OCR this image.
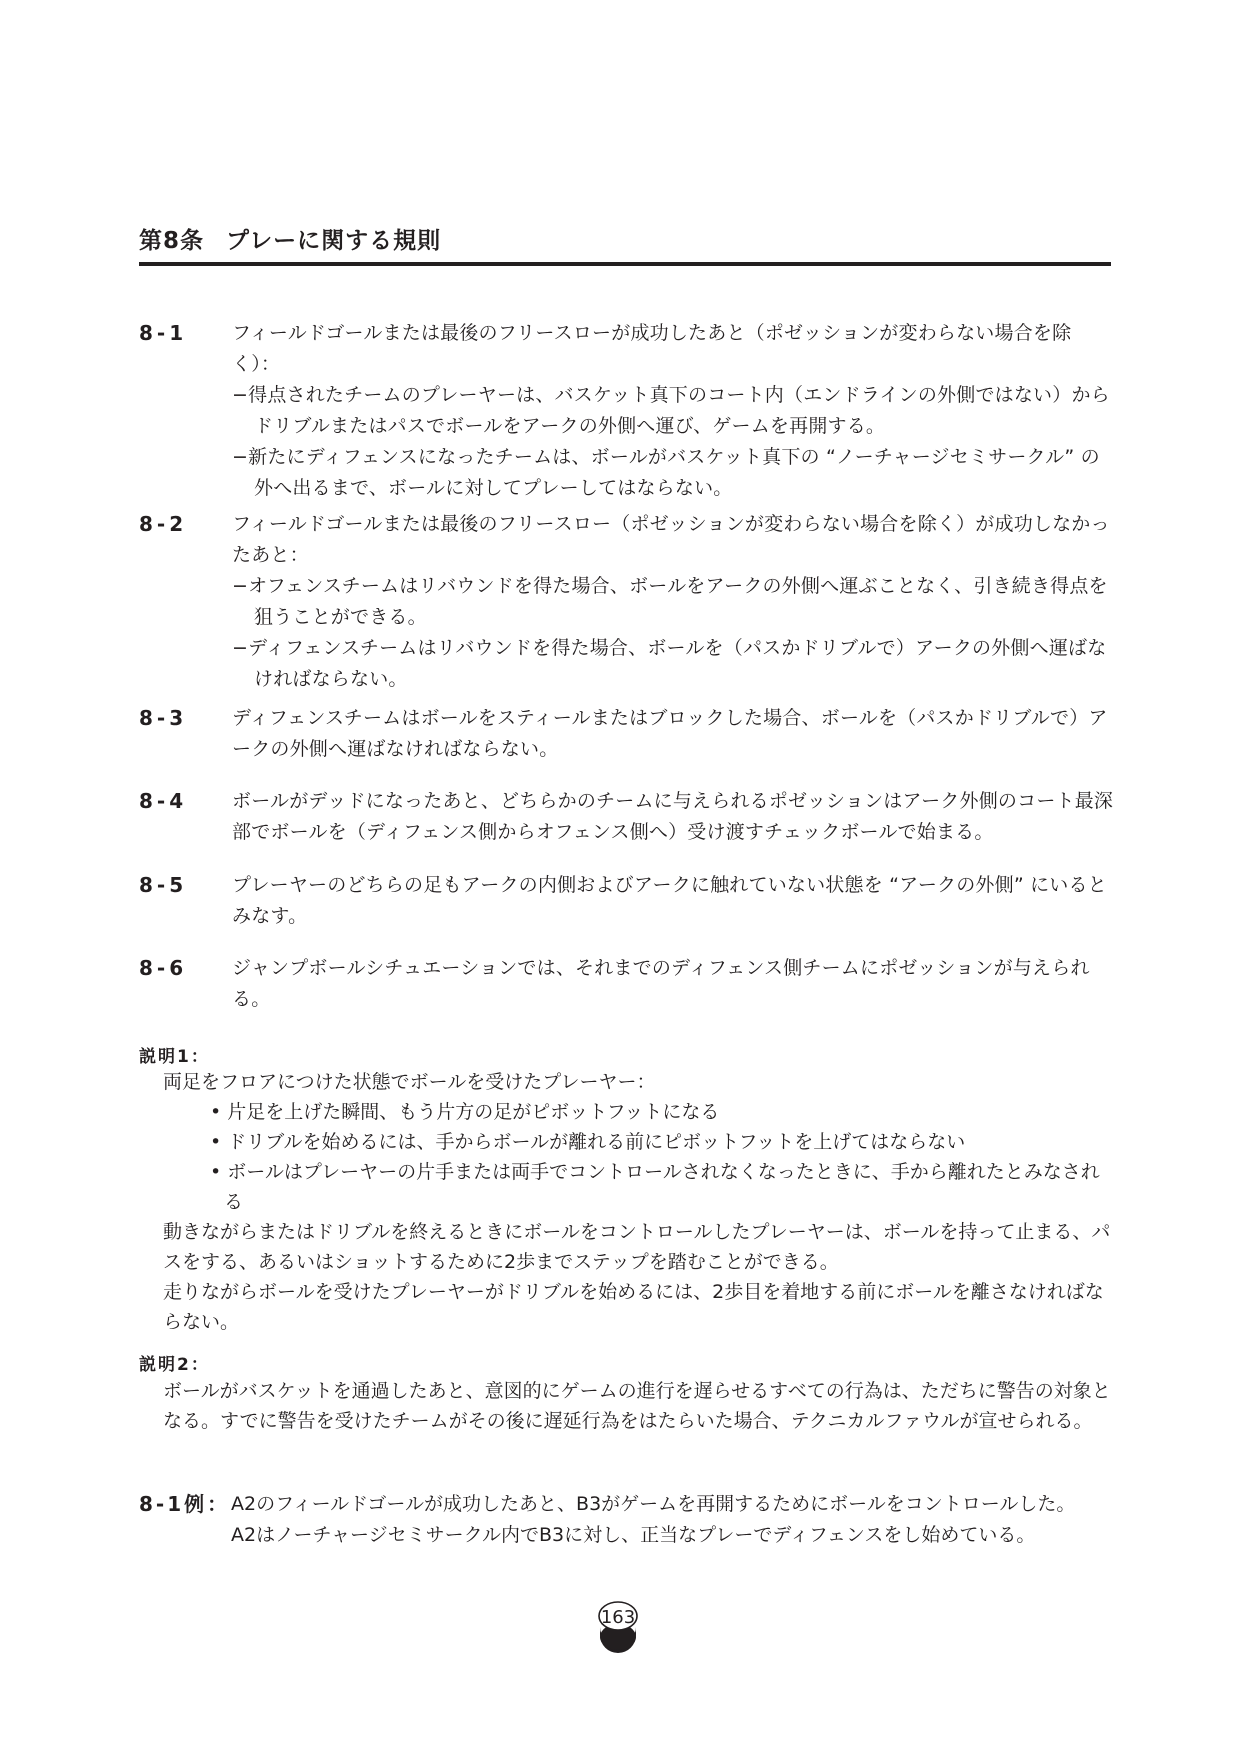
第8条 プレーに関する規則
8-1 フィールドゴールまたは最後のフリースローが成功したあと（ポゼッションが変わらない場合を除く）：
−得点されたチームのプレーヤーは、バスケット真下のコート内（エンドラインの外側ではない）からドリブルまたはパスでボールをアークの外側へ運び、ゲームを再開する。
−新たにディフェンスになったチームは、ボールがバスケット真下の “ノーチャージセミサークル” の外へ出るまで、ボールに対してプレーしてはならない。
8-2 フィールドゴールまたは最後のフリースロー（ポゼッションが変わらない場合を除く）が成功しなかったあと：
−オフェンスチームはリバウンドを得た場合、ボールをアークの外側へ運ぶことなく、引き続き得点を狙うことができる。
−ディフェンスチームはリバウンドを得た場合、ボールを（パスかドリブルで）アークの外側へ運ばなければならない。
8-3 ディフェンスチームはボールをスティールまたはブロックした場合、ボールを（パスかドリブルで）アークの外側へ運ばなければならない。
8-4 ボールがデッドになったあと、どちらかのチームに与えられるポゼッションはアーク外側のコート最深部でボールを（ディフェンス側からオフェンス側へ）受け渡すチェックボールで始まる。
8-5 プレーヤーのどちらの足もアークの内側およびアークに触れていない状態を “アークの外側” にいるとみなす。
8-6 ジャンプボールシチュエーションでは、それまでのディフェンス側チームにポゼッションが与えられる。
説明1：
両足をフロアにつけた状態でボールを受けたプレーヤー：
• 片足を上げた瞬間、もう片方の足がピボットフットになる
• ドリブルを始めるには、手からボールが離れる前にピボットフットを上げてはならない
• ボールはプレーヤーの片手または両手でコントロールされなくなったときに、手から離れたとみなされる
動きながらまたはドリブルを終えるときにボールをコントロールしたプレーヤーは、ボールを持って止まる、パスをする、あるいはショットするために2歩までステップを踏むことができる。
走りながらボールを受けたプレーヤーがドリブルを始めるには、2歩目を着地する前にボールを離さなければならない。
説明2：
ボールがバスケットを通過したあと、意図的にゲームの進行を遅らせるすべての行為は、ただちに警告の対象となる。すでに警告を受けたチームがその後に遅延行為をはたらいた場合、テクニカルファウルが宣せられる。
8-1例： A2のフィールドゴールが成功したあと、B3がゲームを再開するためにボールをコントロールした。
A2はノーチャージセミサークル内でB3に対し、正当なプレーでディフェンスをし始めている。
163
